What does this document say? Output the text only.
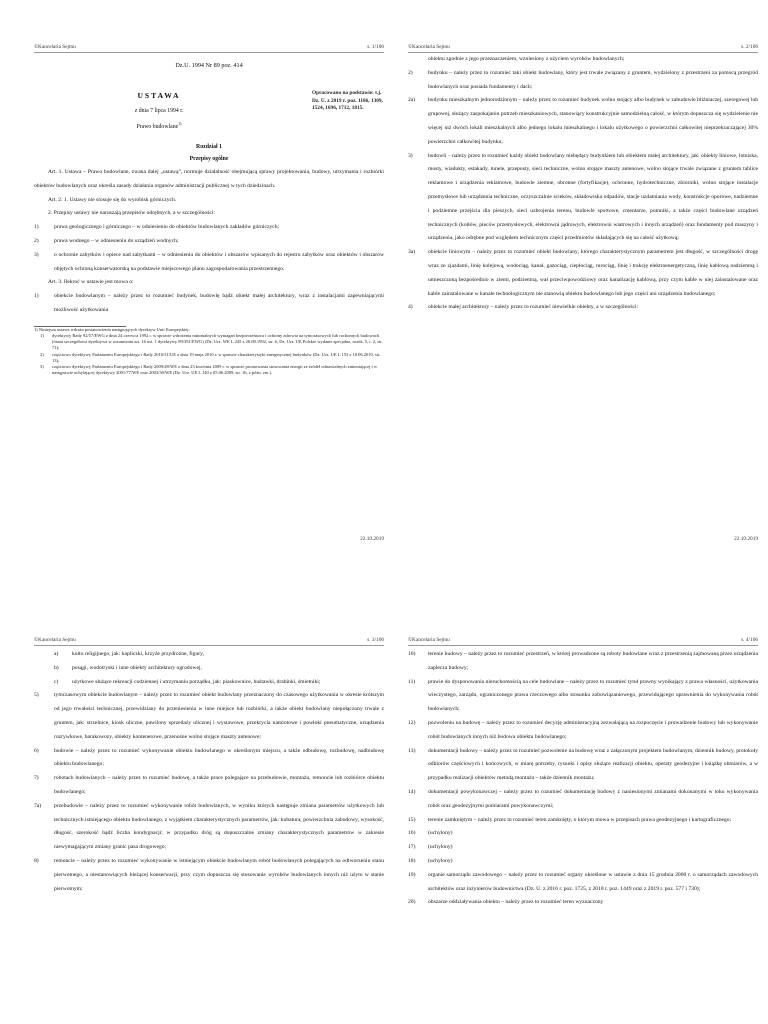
©Kancelaria Sejmu	s. 1/106
Dz.U. 1994 Nr 89 poz. 414
Opracowano na podstawie: t.j. Dz. U. z 2019 r. poz. 1186, 1309, 1524, 1696, 1712, 1815.
USTAWA
z dnia 7 lipca 1994 r.
Prawo budowlane$^{1)}$
Rozdział 1
Przepisy ogólne
Art. 1. Ustawa – Prawo budowlane, zwana dalej „ustawą”, normuje działalność obejmującą sprawy projektowania, budowy, utrzymania i rozbiórki obiektów budowlanych oraz określa zasady działania organów administracji publicznej w tych dziedzinach.
Art. 2. 1. Ustawy nie stosuje się do wyrobisk górniczych.
2. Przepisy ustawy nie naruszają przepisów odrębnych, a w szczególności:
1)	prawa geologicznego i górniczego – w odniesieniu do obiektów budowlanych zakładów górniczych;
2)	prawa wodnego – w odniesieniu do urządzeń wodnych;
3)	o ochronie zabytków i opiece nad zabytkami – w odniesieniu do obiektów i obszarów wpisanych do rejestru zabytków oraz obiektów i obszarów objętych ochroną konserwatorską na podstawie miejscowego planu zagospodarowania przestrzennego.
Art. 3. Ilekroć w ustawie jest mowa o:
1)	obiekcie budowlanym – należy przez to rozumieć budynek, budowlę bądź obiekt małej architektury, wraz z instalacjami zapewniającymi możliwość użytkowania
1) Niniejsza ustawa wdraża postanowienia następujących dyrektyw Unii Europejskiej:
1)	dyrektywy Rady 92/57/EWG z dnia 24 czerwca 1992 r. w sprawie wdrożenia minimalnych wymagań bezpieczeństwa i ochrony zdrowia na tymczasowych lub ruchomych budowach (ósma szczegółowa dyrektywa w rozumieniu art. 16 ust. 1 dyrektywy 89/391/EWG) (Dz. Urz. WE L 245 z 26.08.1992, str. 6; Dz. Urz. UE Polskie wydanie specjalne, rozdz. 5, t. 2, str. 71);
2)	częściowo dyrektywy Parlamentu Europejskiego i Rady 2010/31/UE z dnia 19 maja 2010 r. w sprawie charakterystyki energetycznej budynków (Dz. Urz. UE L 153 z 18.06.2010, str. 13);
3)	częściowo dyrektywy Parlamentu Europejskiego i Rady 2009/28/WE z dnia 23 kwietnia 2009 r. w sprawie promowania stosowania energii ze źródeł odnawialnych zmieniającej i w następstwie uchylającej dyrektywy 2001/77/WE oraz 2003/30/WE (Dz. Urz. UE L 140 z 05.06.2009, str. 16, z późn. zm.).
22.10.2019
©Kancelaria Sejmu	s. 2/106
obiektu zgodnie z jego przeznaczeniem, wzniesiony z użyciem wyrobów budowlanych;
2)	budynku – należy przez to rozumieć taki obiekt budowlany, który jest trwale związany z gruntem, wydzielony z przestrzeni za pomocą przegród budowlanych oraz posiada fundamenty i dach;
2a)	budynku mieszkalnym jednorodzinnym – należy przez to rozumieć budynek wolno stojący albo budynek w zabudowie bliźniaczej, szeregowej lub grupowej, służący zaspokajaniu potrzeb mieszkaniowych, stanowiący konstrukcyjnie samodzielną całość, w którym dopuszcza się wydzielenie nie więcej niż dwóch lokali mieszkalnych albo jednego lokalu mieszkalnego i lokalu użytkowego o powierzchni całkowitej nieprzekraczającej 30% powierzchni całkowitej budynku;
3)	budowli – należy przez to rozumieć każdy obiekt budowlany niebędący budynkiem lub obiektem małej architektury, jak: obiekty liniowe, lotniska, mosty, wiadukty, estakady, tunele, przepusty, sieci techniczne, wolno stojące maszty antenowe, wolno stojące trwale związane z gruntem tablice reklamowe i urządzenia reklamowe, budowle ziemne, obronne (fortyfikacje), ochronne, hydrotechniczne, zbiorniki, wolno stojące instalacje przemysłowe lub urządzenia techniczne, oczyszczalnie ścieków, składowiska odpadów, stacje uzdatniania wody, konstrukcje oporowe, nadziemne i podziemne przejścia dla pieszych, sieci uzbrojenia terenu, budowle sportowe, cmentarze, pomniki, a także części budowlane urządzeń technicznych (kotłów, pieców przemysłowych, elektrowni jądrowych, elektrowni wiatrowych i innych urządzeń) oraz fundamenty pod maszyny i urządzenia, jako odrębne pod względem technicznym części przedmiotów składających się na całość użytkową;
3a)	obiekcie liniowym – należy przez to rozumieć obiekt budowlany, którego charakterystycznym parametrem jest długość, w szczególności drogę wraz ze zjazdami, linię kolejową, wodociąg, kanał, gazociąg, ciepłociąg, rurociąg, linię i trakcję elektroenergetyczną, linię kablową nadziemną i umieszczoną bezpośrednio w ziemi, podziemną, wał przeciwpowodziowy oraz kanalizację kablową, przy czym kable w niej zainstalowane oraz kable zainstalowane w kanale technologicznym nie stanowią obiektu budowlanego lub jego części ani urządzenia budowlanego;
4)	obiekcie małej architektury – należy przez to rozumieć niewielkie obiekty, a w szczególności:
22.10.2019
©Kancelaria Sejmu	s. 3/106
a)	kultu religijnego, jak: kapliczki, krzyże przydrożne, figury,
b)	posągi, wodotryski i inne obiekty architektury ogrodowej,
c)	użytkowe służące rekreacji codziennej i utrzymaniu porządku, jak: piaskownice, huśtawki, drabinki, śmietniki;
5)	tymczasowym obiekcie budowlanym – należy przez to rozumieć obiekt budowlany przeznaczony do czasowego użytkowania w okresie krótszym od jego trwałości technicznej, przewidziany do przeniesienia w inne miejsce lub rozbiórki, a także obiekt budowlany niepołączony trwale z gruntem, jak: strzelnice, kiosk uliczne, pawilony sprzedaży ulicznej i wystawowe, przekrycia namiotowe i powłoki pneumatyczne, urządzenia rozrywkowe, barakowozy, obiekty kontenerowe, przenośne wolno stojące maszty antenowe;
6)	budowie – należy przez to rozumieć wykonywanie obiektu budowlanego w określonym miejscu, a także odbudowę, rozbudowę, nadbudowę obiektu budowlanego;
7)	robotach budowlanych – należy przez to rozumieć budowę, a także prace polegające na przebudowie, montażu, remoncie lub rozbiórce obiektu budowlanego;
7a)	przebudowie – należy przez to rozumieć wykonywanie robót budowlanych, w wyniku których następuje zmiana parametrów użytkowych lub technicznych istniejącego obiektu budowlanego, z wyjątkiem charakterystycznych parametrów, jak: kubatura, powierzchnia zabudowy, wysokość, długość, szerokość bądź liczba kondygnacji; w przypadku dróg są dopuszczalne zmiany charakterystycznych parametrów w zakresie niewymagającym zmiany granic pasa drogowego;
8)	remoncie – należy przez to rozumieć wykonywanie w istniejącym obiekcie budowlanym robót budowlanych polegających na odtworzeniu stanu pierwotnego, a niestanowiących bieżącej konserwacji, przy czym dopuszcza się stosowanie wyrobów budowlanych innych niż użyto w stanie pierwotnym;
©Kancelaria Sejmu	s. 4/106
10)	terenie budowy – należy przez to rozumieć przestrzeń, w której prowadzone są roboty budowlane wraz z przestrzenią zajmowaną przez urządzenia zaplecza budowy;
11)	prawie do dysponowania nieruchomością na cele budowlane – należy przez to rozumieć tytuł prawny wynikający z prawa własności, użytkowania wieczystego, zarządu, ograniczonego prawa rzeczowego albo stosunku zobowiązaniowego, przewidującego uprawnienia do wykonywania robót budowlanych;
12)	pozwoleniu na budowę – należy przez to rozumieć decyzję administracyjną zezwalającą na rozpoczęcie i prowadzenie budowy lub wykonywanie robót budowlanych innych niż budowa obiektu budowlanego;
13)	dokumentacji budowy – należy przez to rozumieć pozwolenie na budowę wraz z załączonym projektem budowlanym, dziennik budowy, protokoły odbiorów częściowych i końcowych, w miarę potrzeby, rysunki i opisy służące realizacji obiektu, operaty geodezyjne i książkę obmiarów, a w przypadku realizacji obiektów metodą montażu – także dziennik montażu;
14)	dokumentacji powykonawczej – należy przez to rozumieć dokumentację budowy z naniesionymi zmianami dokonanymi w toku wykonywania robót oraz geodezyjnymi pomiarami powykonawczymi;
15)	terenie zamkniętym – należy przez to rozumieć teren zamknięty, o którym mowa w przepisach prawa geodezyjnego i kartograficznego;
16)	(uchylony)
17)	(uchylony)
18)	(uchylony)
19)	organie samorządu zawodowego – należy przez to rozumieć organy określone w ustawie z dnia 15 grudnia 2000 r. o samorządach zawodowych architektów oraz inżynierów budownictwa (Dz. U. z 2016 r. poz. 1725, z 2018 r. poz. 1449 oraz z 2019 r. poz. 577 i 730);
20)	obszarze oddziaływania obiektu – należy przez to rozumieć teren wyznaczony
